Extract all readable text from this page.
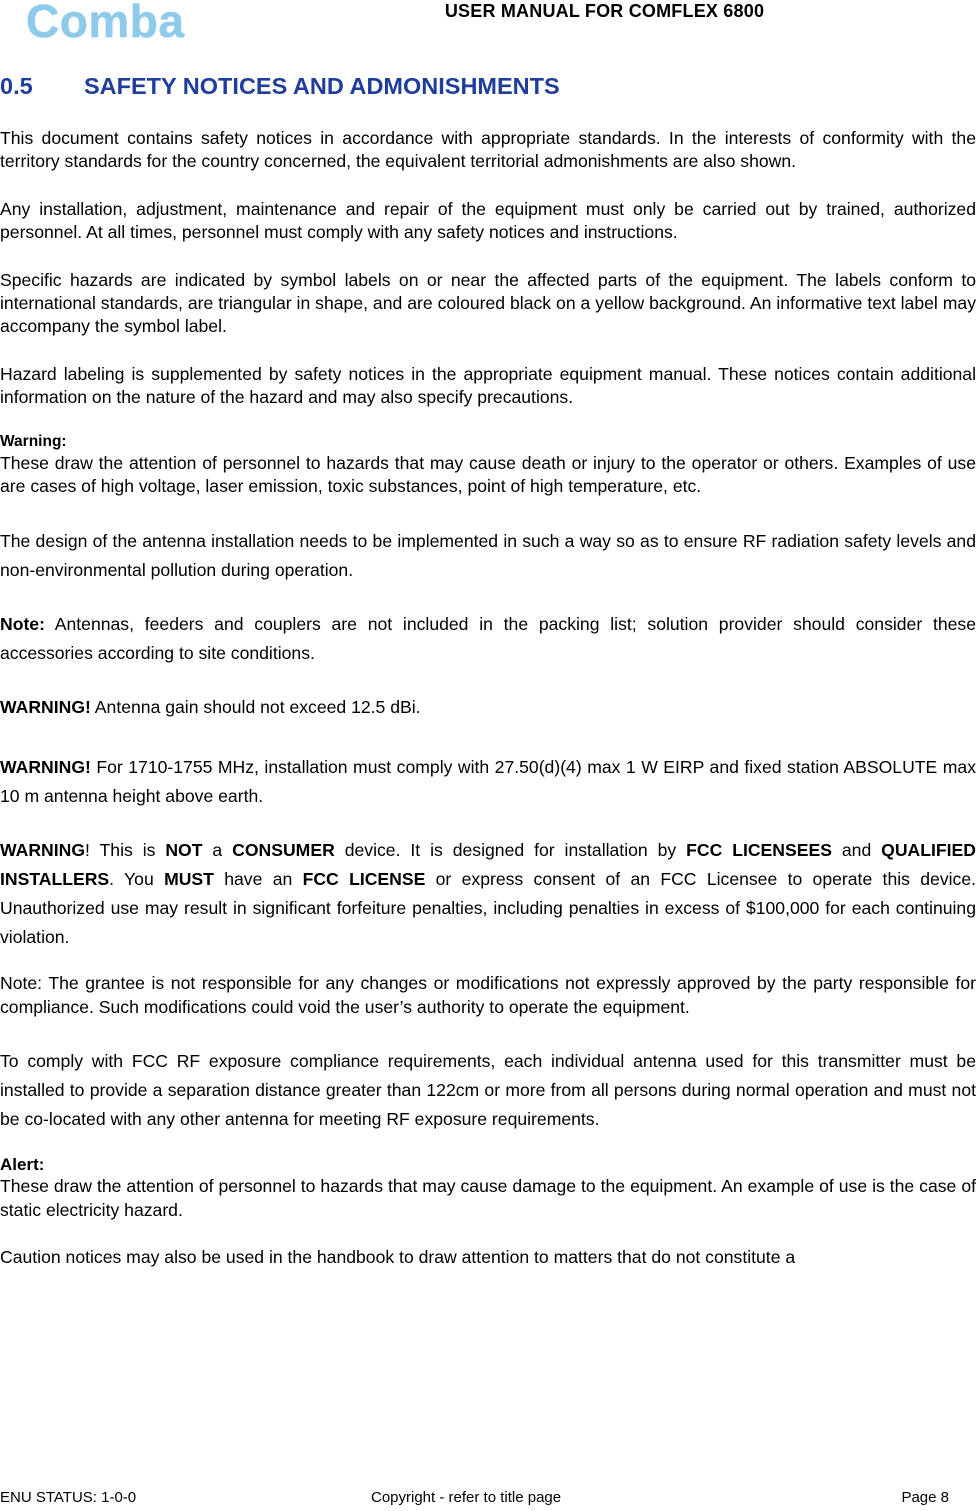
Comba	USER MANUAL FOR COMFLEX 6800
0.5 SAFETY NOTICES AND ADMONISHMENTS

This document contains safety notices in accordance with appropriate standards. In the interests of conformity with the territory standards for the country concerned, the equivalent territorial admonishments are also shown.

Any installation, adjustment, maintenance and repair of the equipment must only be carried out by trained, authorized personnel. At all times, personnel must comply with any safety notices and instructions.

Specific hazards are indicated by symbol labels on or near the affected parts of the equipment. The labels conform to international standards, are triangular in shape, and are coloured black on a yellow background. An informative text label may accompany the symbol label.

Hazard labeling is supplemented by safety notices in the appropriate equipment manual. These notices contain additional information on the nature of the hazard and may also specify precautions.

Warning:

These draw the attention of personnel to hazards that may cause death or injury to the operator or others. Examples of use are cases of high voltage, laser emission, toxic substances, point of high temperature, etc.

The design of the antenna installation needs to be implemented in such a way so as to ensure RF radiation safety levels and non-environmental pollution during operation.

Note: Antennas, feeders and couplers are not included in the packing list; solution provider should consider these accessories according to site conditions.

WARNING! Antenna gain should not exceed 12.5 dBi.

WARNING! For 1710-1755 MHz, installation must comply with 27.50(d)(4) max 1 W EIRP and fixed station ABSOLUTE max 10 m antenna height above earth.

WARNING! This is NOT a CONSUMER device. It is designed for installation by FCC LICENSEES and QUALIFIED INSTALLERS. You MUST have an FCC LICENSE or express consent of an FCC Licensee to operate this device. Unauthorized use may result in significant forfeiture penalties, including penalties in excess of $100,000 for each continuing violation.

Note: The grantee is not responsible for any changes or modifications not expressly approved by the party responsible for compliance. Such modifications could void the user’s authority to operate the equipment.

To comply with FCC RF exposure compliance requirements, each individual antenna used for this transmitter must be installed to provide a separation distance greater than 122cm or more from all persons during normal operation and must not be co-located with any other antenna for meeting RF exposure requirements.

Alert:

These draw the attention of personnel to hazards that may cause damage to the equipment. An example of use is the case of static electricity hazard.

Caution notices may also be used in the handbook to draw attention to matters that do not constitute a

ENU STATUS: 1-0-0	Copyright - refer to title page	Page 8
